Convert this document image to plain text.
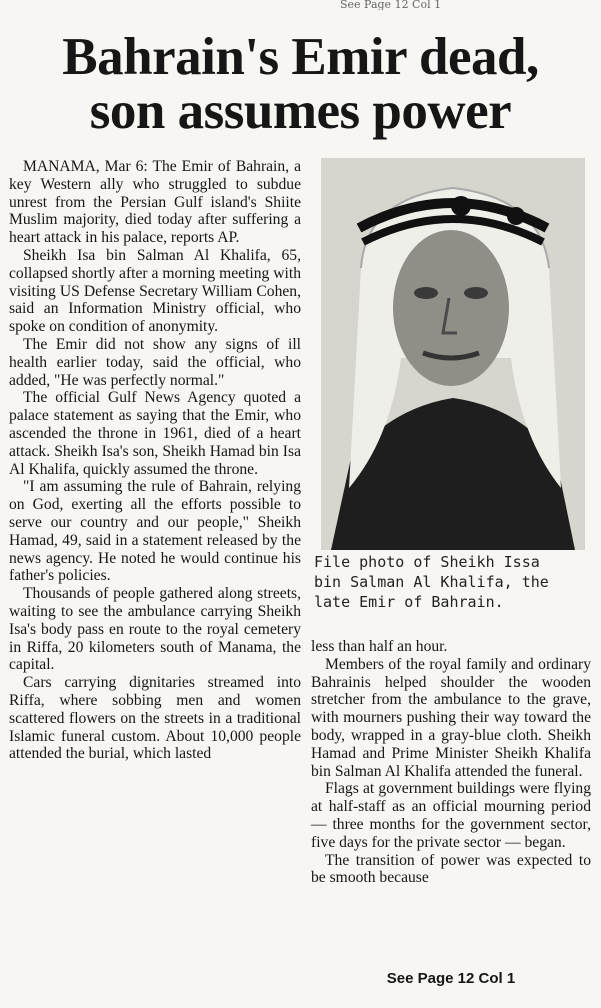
See Page 12 Col 1
Bahrain's Emir dead,
son assumes power

MANAMA, Mar 6: The Emir of Bahrain, a key Western ally who struggled to subdue unrest from the Persian Gulf island's Shiite Muslim majority, died today after suffering a heart attack in his palace, reports AP.

Sheikh Isa bin Salman Al Khalifa, 65, collapsed shortly after a morning meeting with visiting US Defense Secretary William Cohen, said an Information Ministry official, who spoke on condition of anonymity.

The Emir did not show any signs of ill health earlier today, said the official, who added, "He was perfectly normal."

The official Gulf News Agency quoted a palace statement as saying that the Emir, who ascended the throne in 1961, died of a heart attack. Sheikh Isa's son, Sheikh Hamad bin Isa Al Khalifa, quickly assumed the throne.

"I am assuming the rule of Bahrain, relying on God, exerting all the efforts possible to serve our country and our people," Sheikh Hamad, 49, said in a statement released by the news agency. He noted he would continue his father's policies.

Thousands of people gathered along streets, waiting to see the ambulance carrying Sheikh Isa's body pass en route to the royal cemetery in Riffa, 20 kilometers south of Manama, the capital.

Cars carrying dignitaries streamed into Riffa, where sobbing men and women scattered flowers on the streets in a traditional Islamic funeral custom. About 10,000 people attended the burial, which lasted

File photo of Sheikh Issa
bin Salman Al Khalifa, the
late Emir of Bahrain.

less than half an hour.

Members of the royal family and ordinary Bahrainis helped shoulder the wooden stretcher from the ambulance to the grave, with mourners pushing their way toward the body, wrapped in a gray-blue cloth. Sheikh Hamad and Prime Minister Sheikh Khalifa bin Salman Al Khalifa attended the funeral.

Flags at government buildings were flying at half-staff as an official mourning period — three months for the government sector, five days for the private sector — began.

The transition of power was expected to be smooth because

See Page 12 Col 1
